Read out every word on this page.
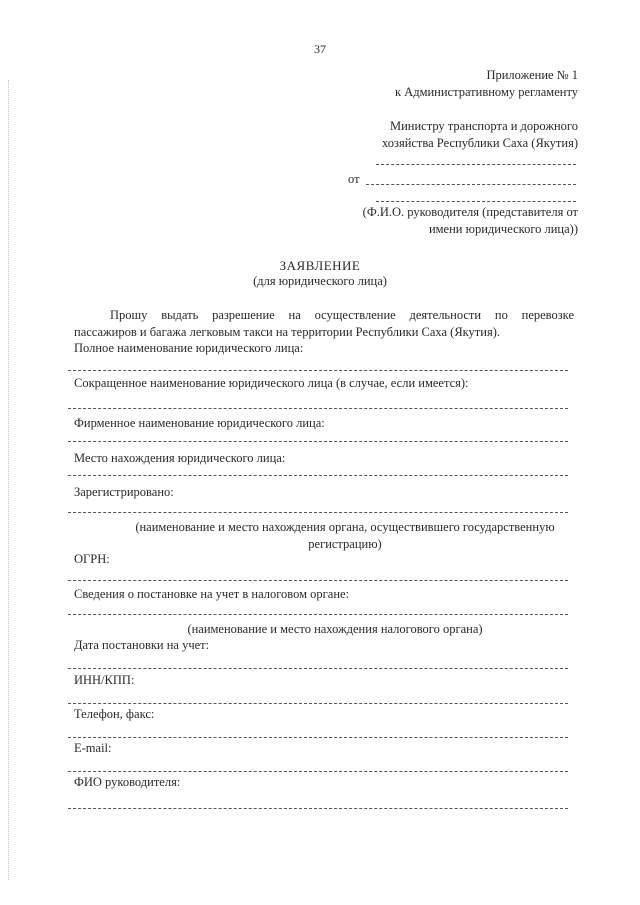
37
Приложение № 1
к Административному регламенту
Министру транспорта и дорожного
хозяйства Республики Саха (Якутия)
от
(Ф.И.О. руководителя (представителя от
имени юридического лица))
ЗАЯВЛЕНИЕ
(для юридического лица)
Прошу выдать разрешение на осуществление деятельности по перевозке
пассажиров и багажа легковым такси на территории Республики Саха (Якутия).
Полное наименование юридического лица:
Сокращенное наименование юридического лица (в случае, если имеется):
Фирменное наименование юридического лица:
Место нахождения юридического лица:
Зарегистрировано:
(наименование и место нахождения органа, осуществившего государственную
регистрацию)
ОГРН:
Сведения о постановке на учет в налоговом органе:
(наименование и место нахождения налогового органа)
Дата постановки на учет:
ИНН/КПП:
Телефон, факс:
E-mail:
ФИО руководителя:
